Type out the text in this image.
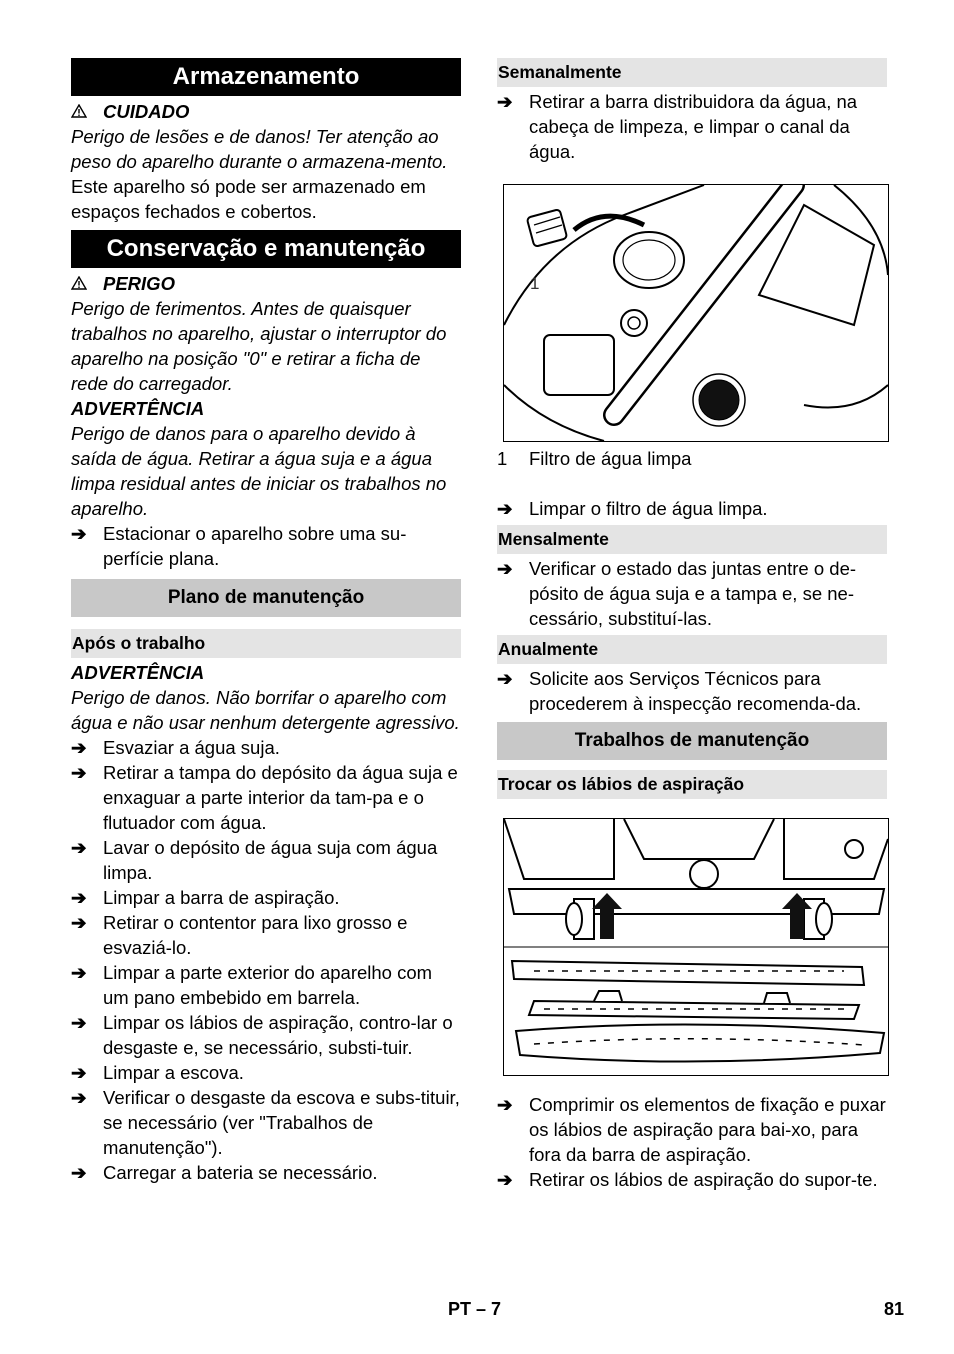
Armazenamento
CUIDADO
Perigo de lesões e de danos! Ter atenção ao peso do aparelho durante o armazena-mento.
Este aparelho só pode ser armazenado em espaços fechados e cobertos.
Conservação e manutenção
PERIGO
Perigo de ferimentos. Antes de quaisquer trabalhos no aparelho, ajustar o interruptor do aparelho na posição "0" e retirar a ficha de rede do carregador.
ADVERTÊNCIA
Perigo de danos para o aparelho devido à saída de água. Retirar a água suja e a água limpa residual antes de iniciar os trabalhos no aparelho.
➔ Estacionar o aparelho sobre uma su-perfície plana.
Plano de manutenção
Após o trabalho
ADVERTÊNCIA
Perigo de danos. Não borrifar o aparelho com água e não usar nenhum detergente agressivo.
➔ Esvaziar a água suja.
➔ Retirar a tampa do depósito da água suja e enxaguar a parte interior da tam-pa e o flutuador com água.
➔ Lavar o depósito de água suja com água limpa.
➔ Limpar a barra de aspiração.
➔ Retirar o contentor para lixo grosso e esvaziá-lo.
➔ Limpar a parte exterior do aparelho com um pano embebido em barrela.
➔ Limpar os lábios de aspiração, contro-lar o desgaste e, se necessário, substi-tuir.
➔ Limpar a escova.
➔ Verificar o desgaste da escova e subs-tituir, se necessário (ver "Trabalhos de manutenção").
➔ Carregar a bateria se necessário.
Semanalmente
➔ Retirar a barra distribuidora da água, na cabeça de limpeza, e limpar o canal da água.
1
1	Filtro de água limpa
➔ Limpar o filtro de água limpa.
Mensalmente
➔ Verificar o estado das juntas entre o de-pósito de água suja e a tampa e, se ne-cessário, substituí-las.
Anualmente
➔ Solicite aos Serviços Técnicos para procederem à inspecção recomenda-da.
Trabalhos de manutenção
Trocar os lábios de aspiração
➔ Comprimir os elementos de fixação e puxar os lábios de aspiração para bai-xo, para fora da barra de aspiração.
➔ Retirar os lábios de aspiração do supor-te.
PT – 7	81
